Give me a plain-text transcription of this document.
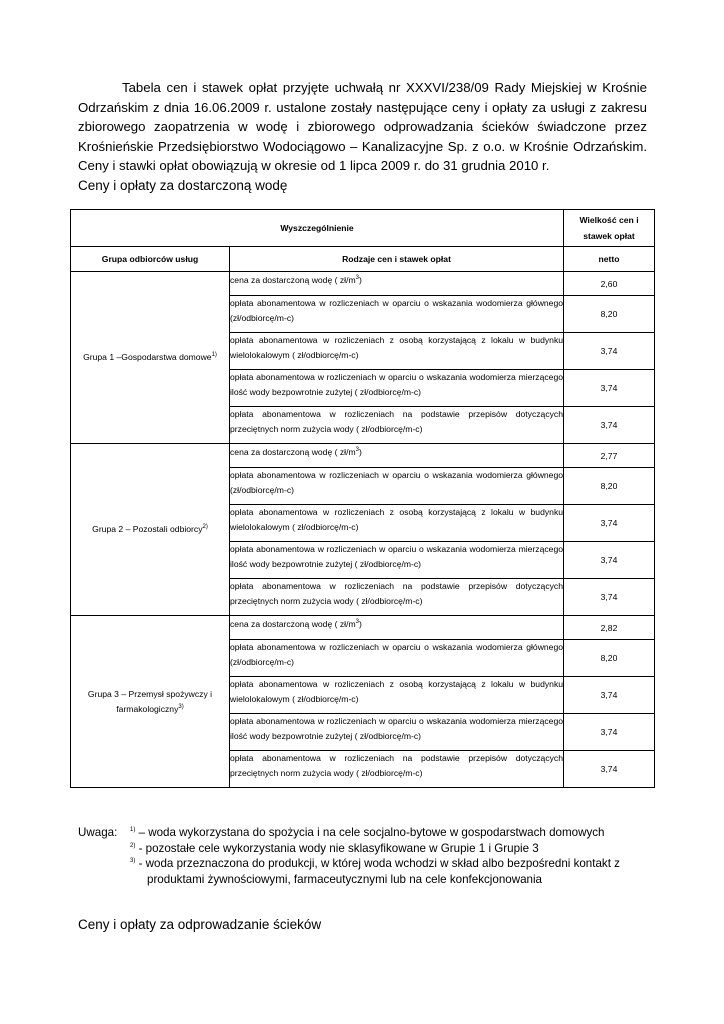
Tabela cen i stawek opłat przyjęte uchwałą nr XXXVI/238/09 Rady Miejskiej w Krośnie Odrzańskim z dnia 16.06.2009 r. ustalone zostały następujące ceny i opłaty za usługi z zakresu zbiorowego zaopatrzenia w wodę i zbiorowego odprowadzania ścieków świadczone przez Krośnieńskie Przedsiębiorstwo Wodociągowo – Kanalizacyjne Sp. z o.o. w Krośnie Odrzańskim. Ceny i stawki opłat obowiązują w okresie od 1 lipca 2009 r. do 31 grudnia 2010 r.

Ceny i opłaty za dostarczoną wodę

Wyszczególnienie		Wielkość cen i stawek opłat
Grupa odbiorców usług	Rodzaje cen i stawek opłat	netto
Grupa 1 –Gospodarstwa domowe$^{1)}$	cena za dostarczoną wodę ( $zł/m^3$)	2,60
	opłata abonamentowa w rozliczeniach w oparciu o wskazania wodomierza głównego (zł/odbiorcę/m-c)	8,20
	opłata abonamentowa w rozliczeniach z osobą korzystającą z lokalu w budynku wielolokalowym ( zł/odbiorcę/m-c)	3,74
	opłata abonamentowa w rozliczeniach w oparciu o wskazania wodomierza mierzącego ilość wody bezpowrotnie zużytej ( zł/odbiorcę/m-c)	3,74
	opłata abonamentowa w rozliczeniach na podstawie przepisów dotyczących przeciętnych norm zużycia wody ( zł/odbiorcę/m-c)	3,74
Grupa 2 – Pozostali odbiorcy$^{2)}$	cena za dostarczoną wodę ( $zł/m^3$)	2,77
	opłata abonamentowa w rozliczeniach w oparciu o wskazania wodomierza głównego (zł/odbiorcę/m-c)	8,20
	opłata abonamentowa w rozliczeniach z osobą korzystającą z lokalu w budynku wielolokalowym ( zł/odbiorcę/m-c)	3,74
	opłata abonamentowa w rozliczeniach w oparciu o wskazania wodomierza mierzącego ilość wody bezpowrotnie zużytej ( zł/odbiorcę/m-c)	3,74
	opłata abonamentowa w rozliczeniach na podstawie przepisów dotyczących przeciętnych norm zużycia wody ( zł/odbiorcę/m-c)	3,74
Grupa 3 – Przemysł spożywczy i farmakologiczny$^{3)}$	cena za dostarczoną wodę ( $zł/m^3$)	2,82
	opłata abonamentowa w rozliczeniach w oparciu o wskazania wodomierza głównego (zł/odbiorcę/m-c)	8,20
	opłata abonamentowa w rozliczeniach z osobą korzystającą z lokalu w budynku wielolokalowym ( zł/odbiorcę/m-c)	3,74
	opłata abonamentowa w rozliczeniach w oparciu o wskazania wodomierza mierzącego ilość wody bezpowrotnie zużytej ( zł/odbiorcę/m-c)	3,74
	opłata abonamentowa w rozliczeniach na podstawie przepisów dotyczących przeciętnych norm zużycia wody ( zł/odbiorcę/m-c)	3,74
Uwaga:	$^{1)}$ – woda wykorzystana do spożycia i na cele socjalno-bytowe w gospodarstwach domowych
$^{2)}$ - pozostałe cele wykorzystania wody nie sklasyfikowane w Grupie 1 i Grupie 3
$^{3)}$ - woda przeznaczona do produkcji, w której woda wchodzi w skład albo bezpośredni kontakt z
produktami żywnościowymi, farmaceutycznymi lub na cele konfekcjonowania

Ceny i opłaty za odprowadzanie ścieków
